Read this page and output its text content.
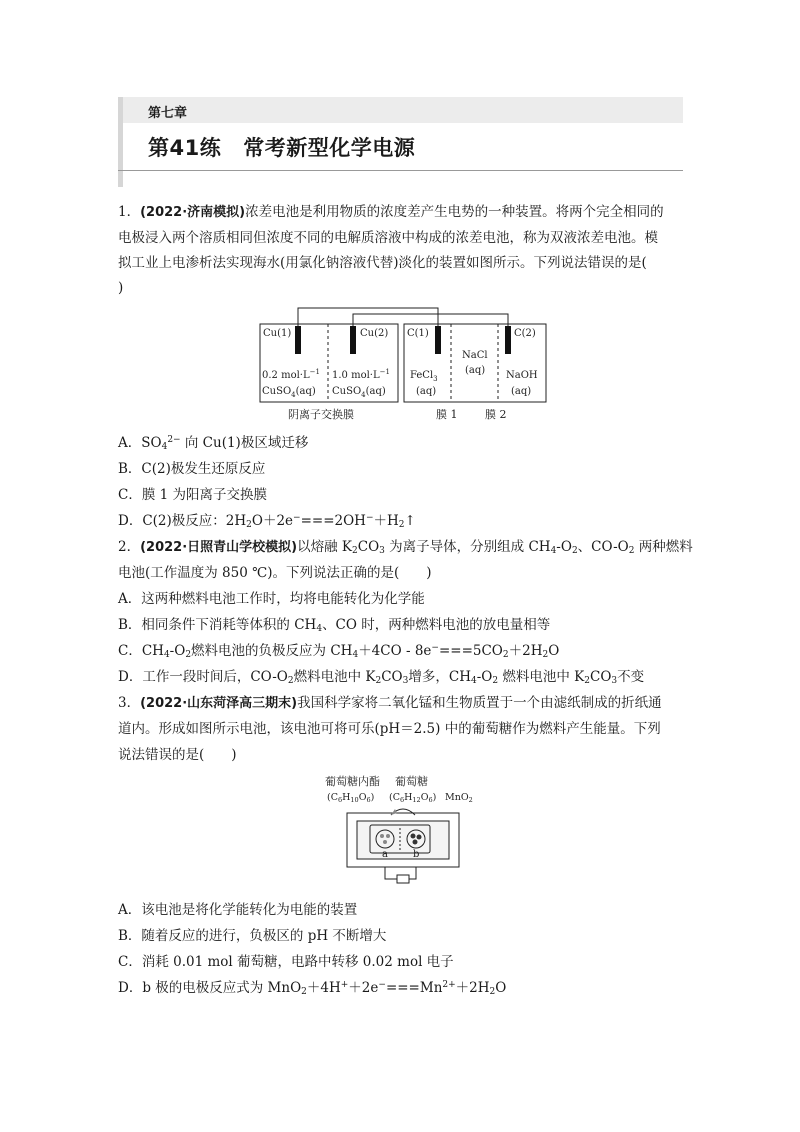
第七章
第41练 常考新型化学电源
1．(2022·济南模拟)浓差电池是利用物质的浓度差产生电势的一种装置。将两个完全相同的
电极浸入两个溶质相同但浓度不同的电解质溶液中构成的浓差电池，称为双液浓差电池。模
拟工业上电渗析法实现海水(用氯化钠溶液代替)淡化的装置如图所示。下列说法错误的是(
)
Cu(1)	Cu(2) C(1)	C(2)
0.2 $mol\cdot L^{-1}$ 1.0 $mol\cdot L^{-1}$
CuSO$_4$(aq) CuSO$_4$(aq)
NaCl
(aq)
FeCl$_3$
(aq)
NaOH
(aq)
阴离子交换膜	膜 1	膜 2
A．$SO_4^{2-}$ 向 Cu(1)极区域迁移
B．C(2)极发生还原反应
C．膜 1 为阳离子交换膜
D．C(2)极反应：$2H_2O+2e^-===2OH^-+H_2↑$
2．(2022·日照青山学校模拟)以熔融 $K_2CO_3$ 为离子导体，分别组成 $CH_4-O_2$、$CO-O_2$ 两种燃料
电池(工作温度为 850 ℃)。下列说法正确的是(　　)
A．这两种燃料电池工作时，均将电能转化为化学能
B．相同条件下消耗等体积的 $CH_4$、CO 时，两种燃料电池的放电量相等
C．$CH_4-O_2$燃料电池的负极反应为 $CH_4+4CO - 8e^-===5CO_2+2H_2O$
D．工作一段时间后，$CO-O_2$燃料电池中 $K_2CO_3$增多，$CH_4-O_2$ 燃料电池中 $K_2CO_3$不变
3．(2022·山东菏泽高三期末)我国科学家将二氧化锰和生物质置于一个由滤纸制成的折纸通
道内。形成如图所示电池，该电池可将可乐(pH＝2.5) 中的葡萄糖作为燃料产生能量。下列
说法错误的是(　　)
葡萄糖内酯 葡萄糖
$(C_6H_{10}O_6)$ $(C_6H_{12}O_6)$ MnO$_2$
a	b
A．该电池是将化学能转化为电能的装置
B．随着反应的进行，负极区的 pH 不断增大
C．消耗 0.01 mol 葡萄糖，电路中转移 0.02 mol 电子
D．b 极的电极反应式为 $MnO_2+4H^++2e^-===Mn^{2+}+2H_2O$
